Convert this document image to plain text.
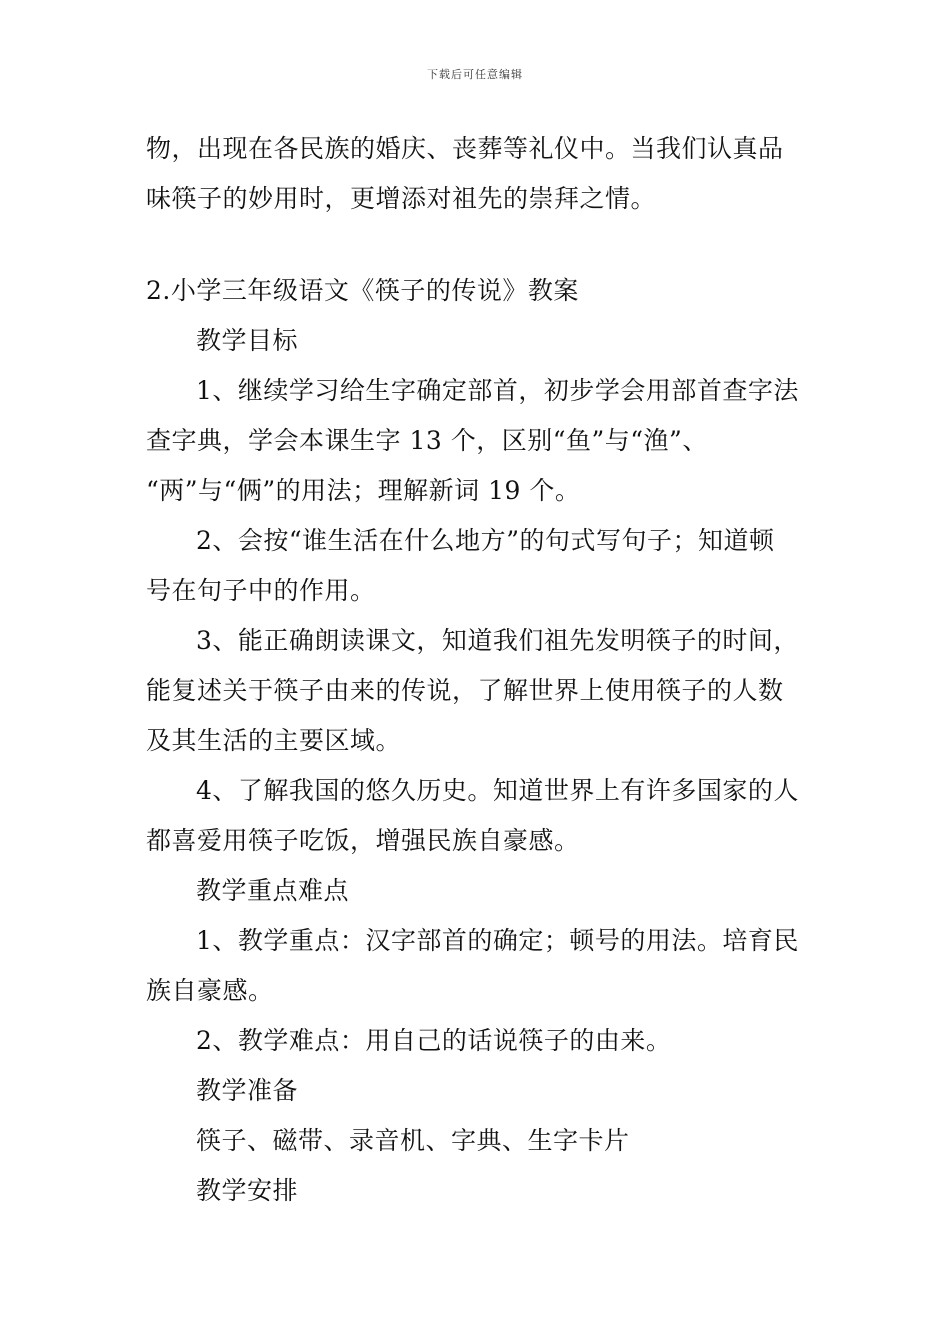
下载后可任意编辑
物，出现在各民族的婚庆、丧葬等礼仪中。当我们认真品
味筷子的妙用时，更增添对祖先的崇拜之情。
2.小学三年级语文《筷子的传说》教案
教学目标
1、继续学习给生字确定部首，初步学会用部首查字法
查字典，学会本课生字 13 个，区别“鱼”与“渔”、
“两”与“俩”的用法；理解新词 19 个。
2、会按“谁生活在什么地方”的句式写句子；知道顿
号在句子中的作用。
3、能正确朗读课文，知道我们祖先发明筷子的时间，
能复述关于筷子由来的传说，了解世界上使用筷子的人数
及其生活的主要区域。
4、了解我国的悠久历史。知道世界上有许多国家的人
都喜爱用筷子吃饭，增强民族自豪感。
教学重点难点
1、教学重点：汉字部首的确定；顿号的用法。培育民
族自豪感。
2、教学难点：用自己的话说筷子的由来。
教学准备
筷子、磁带、录音机、字典、生字卡片
教学安排
